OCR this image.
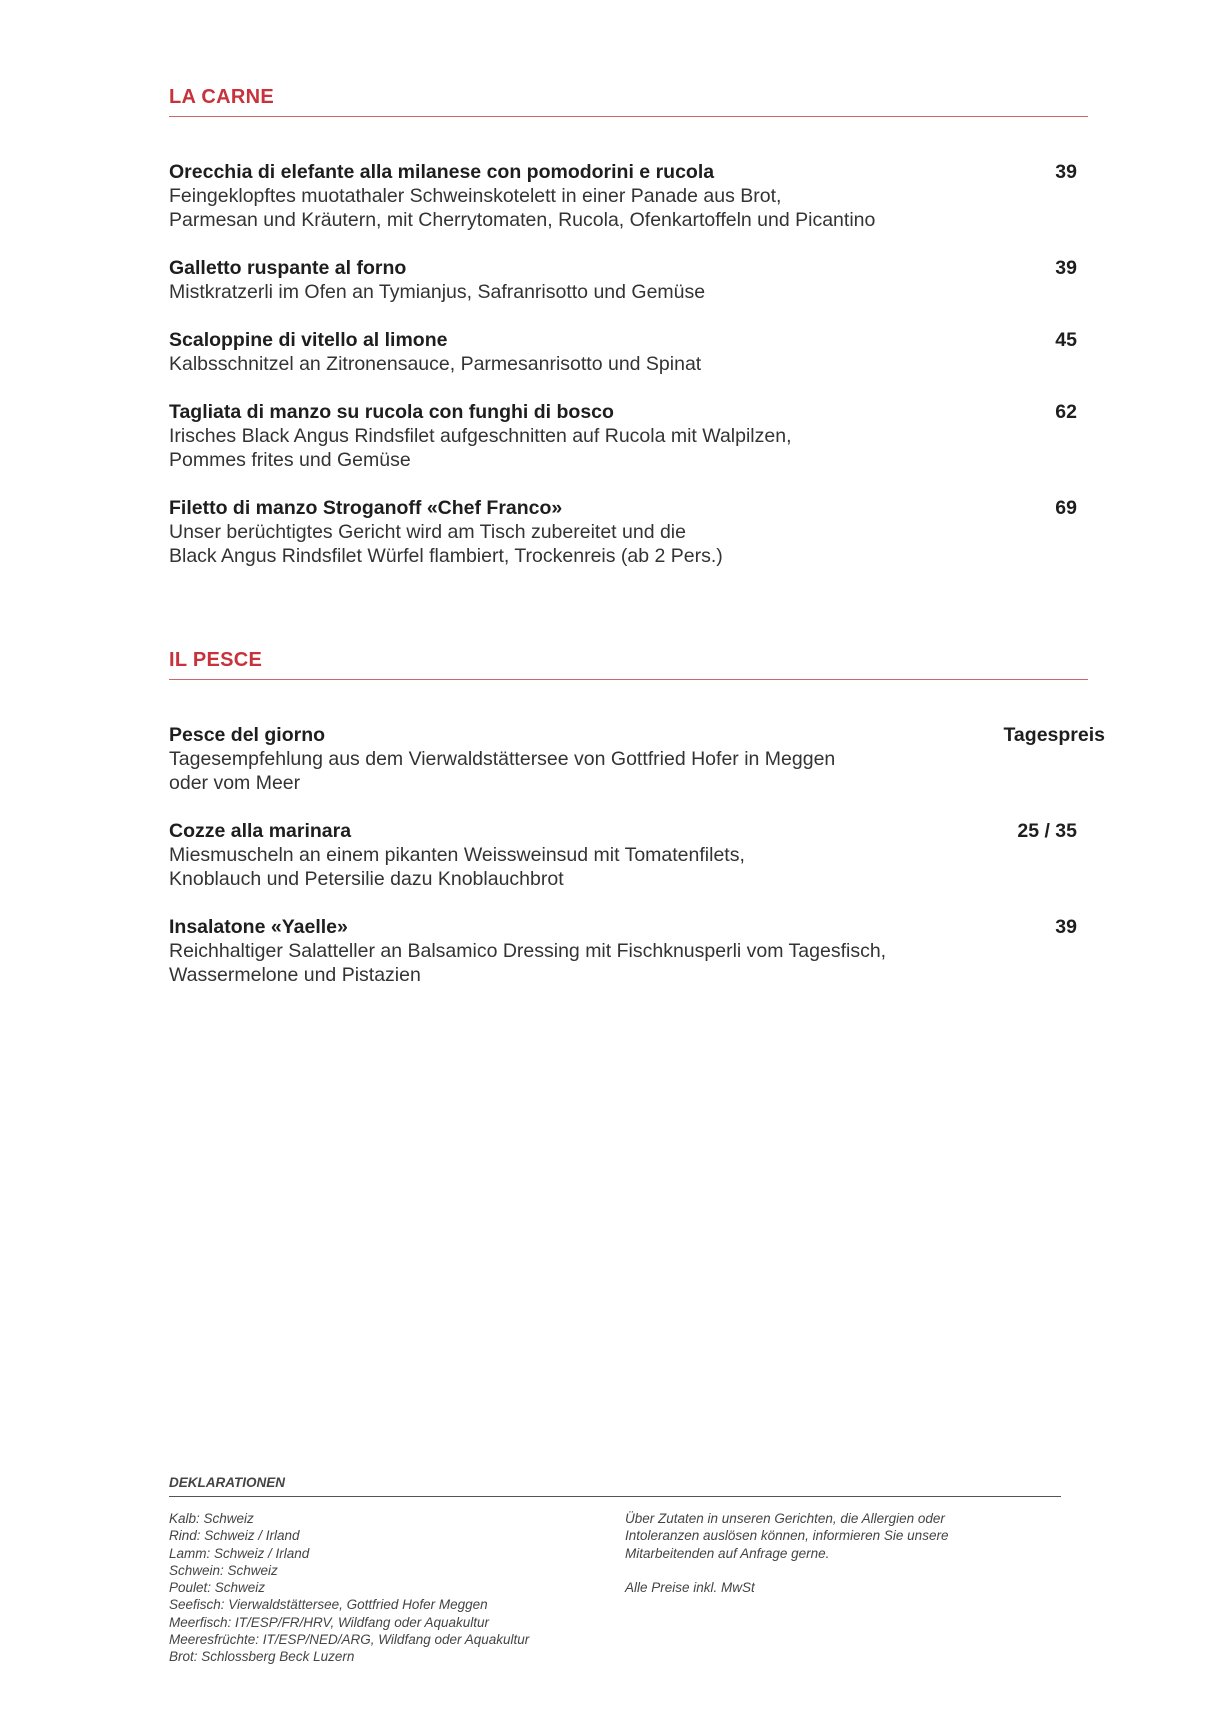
LA CARNE
Orecchia di elefante alla milanese con pomodorini e rucola
Feingeklopftes muotathaler Schweinskotelett in einer Panade aus Brot,
Parmesan und Kräutern, mit Cherrytomaten, Rucola, Ofenkartoffeln und Picantino
39
Galletto ruspante al forno
Mistkratzerli im Ofen an Tymianjus, Safranrisotto und Gemüse
39
Scaloppine di vitello al limone
Kalbsschnitzel an Zitronensauce, Parmesanrisotto und Spinat
45
Tagliata di manzo su rucola con funghi di bosco
Irisches Black Angus Rindsfilet aufgeschnitten auf Rucola mit Walpilzen,
Pommes frites und Gemüse
62
Filetto di manzo Stroganoff «Chef Franco»
Unser berüchtigtes Gericht wird am Tisch zubereitet und die
Black Angus Rindsfilet Würfel flambiert, Trockenreis (ab 2 Pers.)
69
IL PESCE
Pesce del giorno
Tagesempfehlung aus dem Vierwaldstättersee von Gottfried Hofer in Meggen
oder vom Meer
Tagespreis
Cozze alla marinara
Miesmuscheln an einem pikanten Weissweinsud mit Tomatenfilets,
Knoblauch und Petersilie dazu Knoblauchbrot
25 / 35
Insalatone «Yaelle»
Reichhaltiger Salatteller an Balsamico Dressing mit Fischknusperli vom Tagesfisch,
Wassermelone und Pistazien
39
DEKLARATIONEN
Kalb: Schweiz
Rind: Schweiz / Irland
Lamm: Schweiz / Irland
Schwein: Schweiz
Poulet: Schweiz
Seefisch: Vierwaldstättersee, Gottfried Hofer Meggen
Meerfisch: IT/ESP/FR/HRV, Wildfang oder Aquakultur
Meeresfrüchte: IT/ESP/NED/ARG, Wildfang oder Aquakultur
Brot: Schlossberg Beck Luzern
Über Zutaten in unseren Gerichten, die Allergien oder
Intoleranzen auslösen können, informieren Sie unsere
Mitarbeitenden auf Anfrage gerne.
Alle Preise inkl. MwSt
